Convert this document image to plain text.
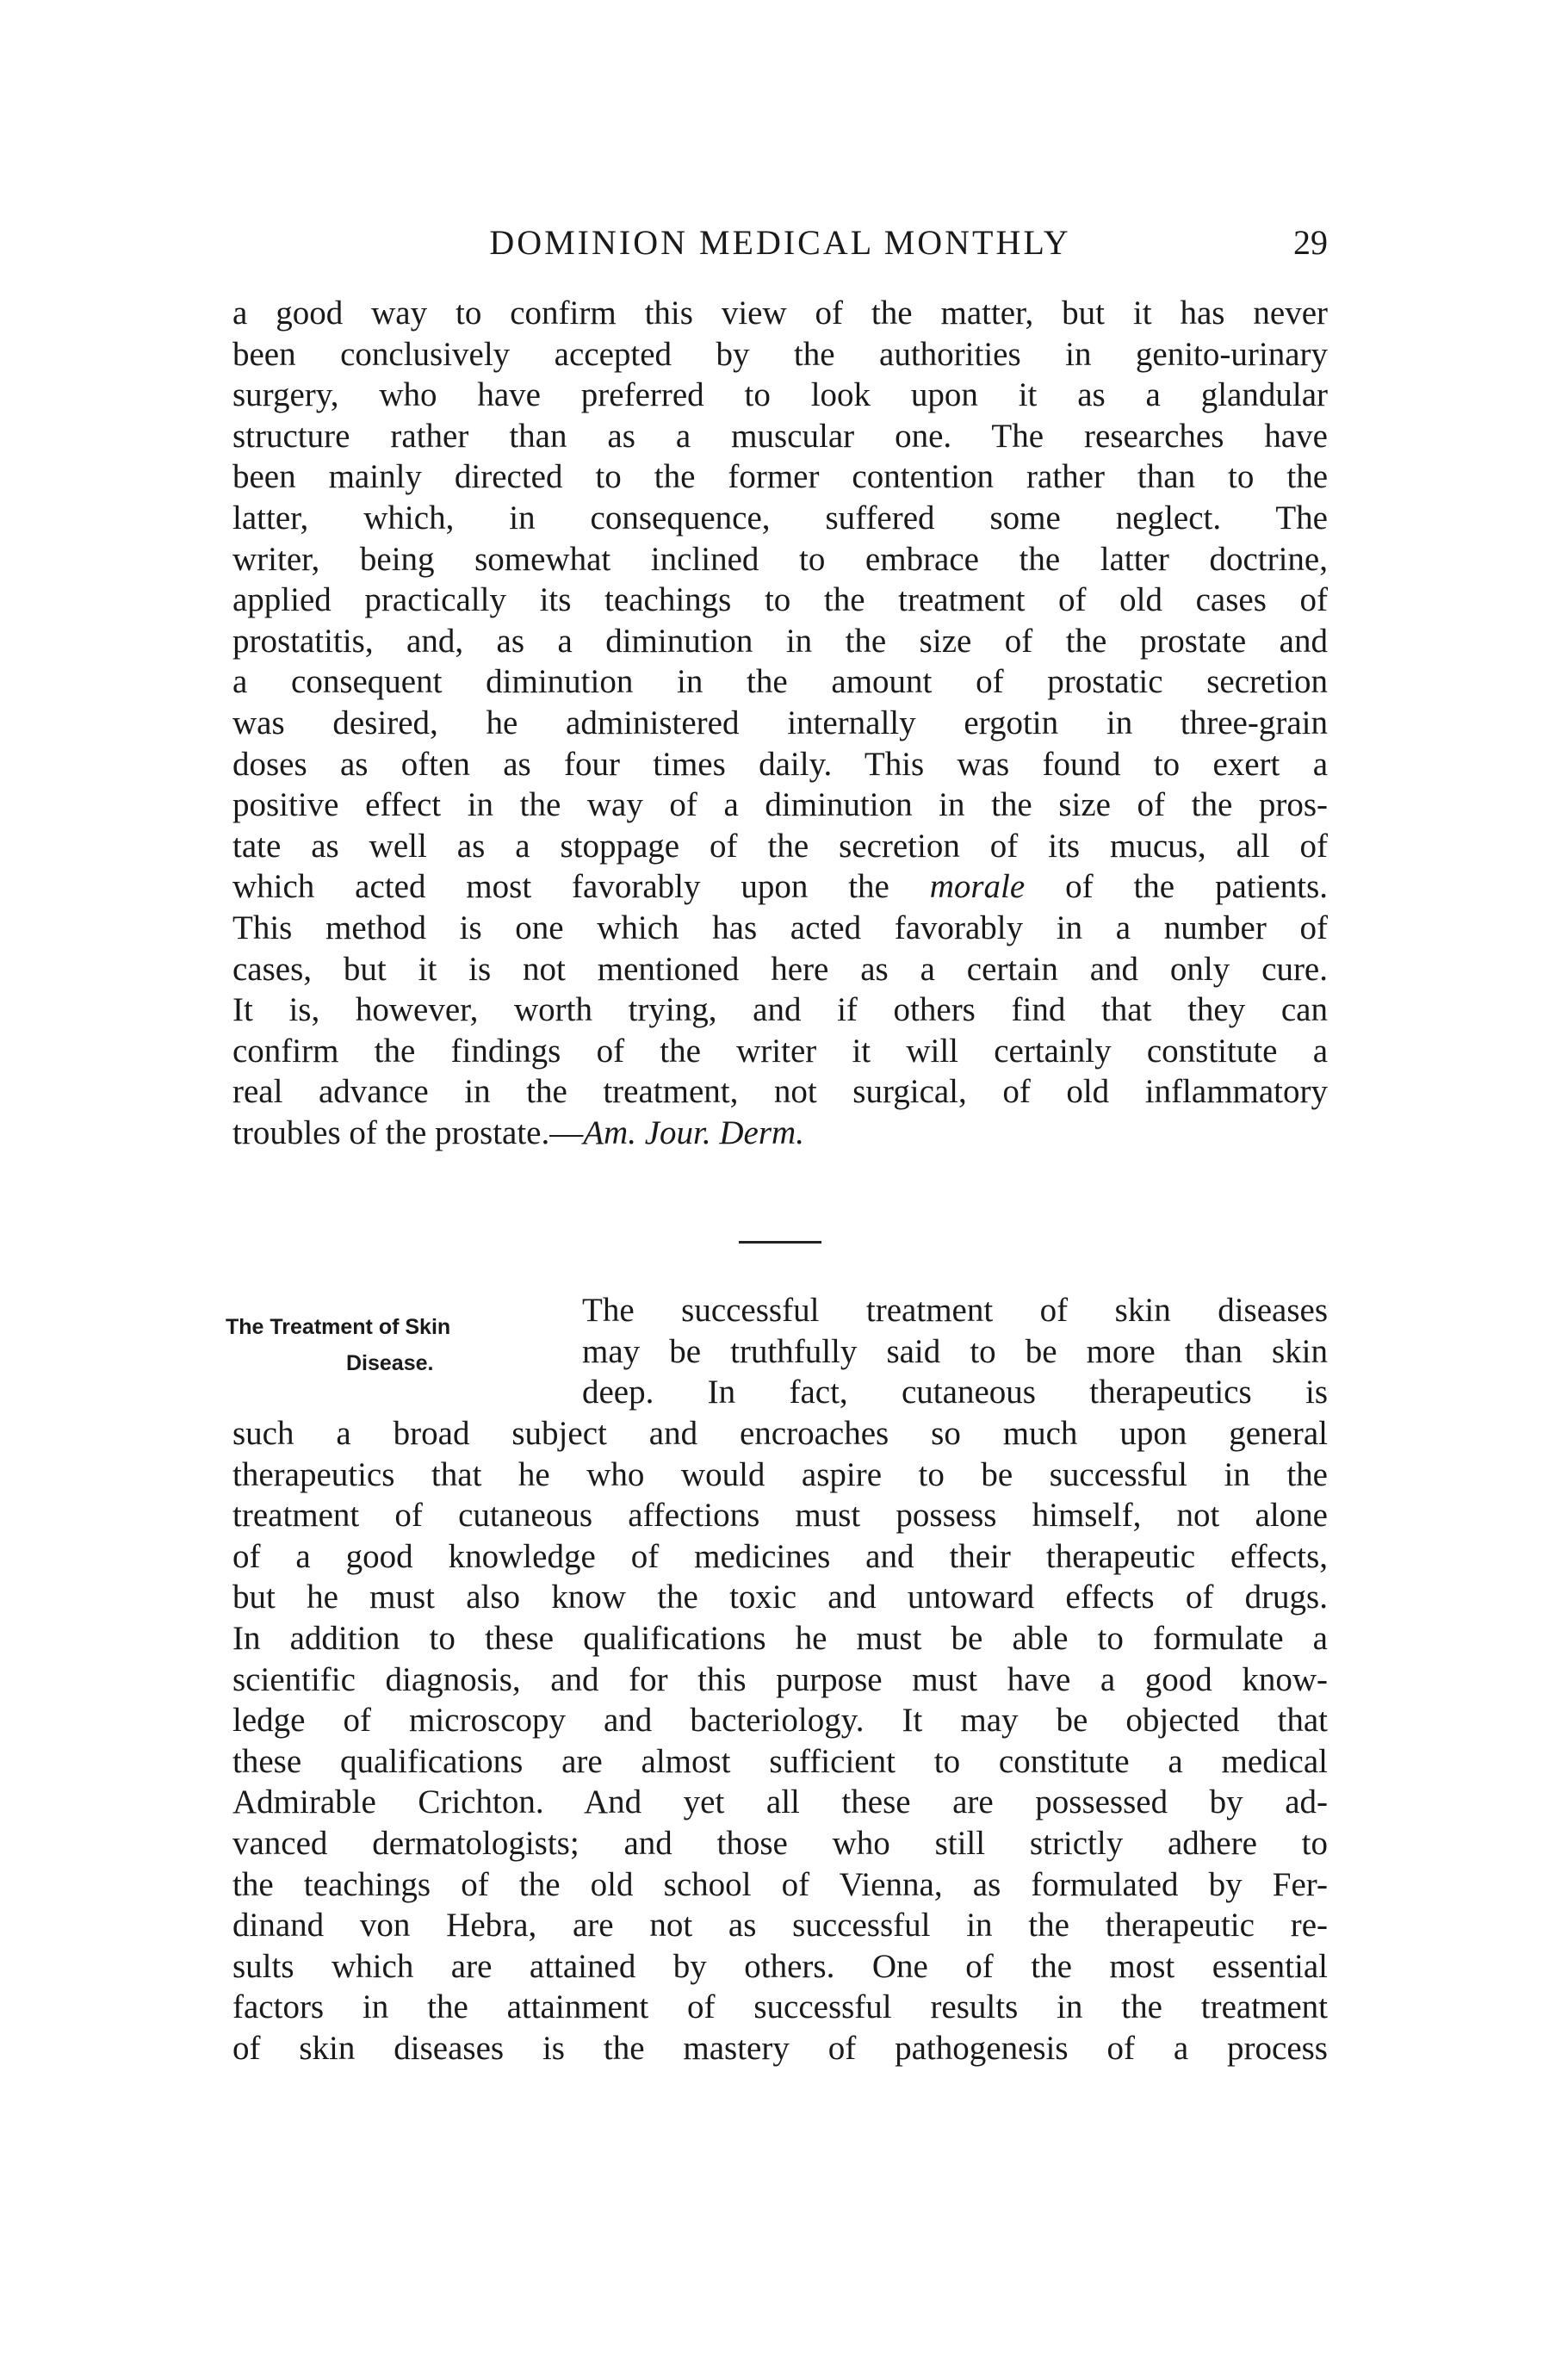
DOMINION MEDICAL MONTHLY	29
a good way to confirm this view of the matter, but it has never
been conclusively accepted by the authorities in genito-urinary
surgery, who have preferred to look upon it as a glandular
structure rather than as a muscular one. The researches have
been mainly directed to the former contention rather than to the
latter, which, in consequence, suffered some neglect. The
writer, being somewhat inclined to embrace the latter doctrine,
applied practically its teachings to the treatment of old cases of
prostatitis, and, as a diminution in the size of the prostate and
a consequent diminution in the amount of prostatic secretion
was desired, he administered internally ergotin in three-grain
doses as often as four times daily. This was found to exert a
positive effect in the way of a diminution in the size of the pros-
tate as well as a stoppage of the secretion of its mucus, all of
which acted most favorably upon the morale of the patients.
This method is one which has acted favorably in a number of
cases, but it is not mentioned here as a certain and only cure.
It is, however, worth trying, and if others find that they can
confirm the findings of the writer it will certainly constitute a
real advance in the treatment, not surgical, of old inflammatory
troubles of the prostate.—Am. Jour. Derm.
The Treatment of Skin
Disease.
The successful treatment of skin diseases
may be truthfully said to be more than skin
deep. In fact, cutaneous therapeutics is
such a broad subject and encroaches so much upon general
therapeutics that he who would aspire to be successful in the
treatment of cutaneous affections must possess himself, not alone
of a good knowledge of medicines and their therapeutic effects,
but he must also know the toxic and untoward effects of drugs.
In addition to these qualifications he must be able to formulate a
scientific diagnosis, and for this purpose must have a good know-
ledge of microscopy and bacteriology. It may be objected that
these qualifications are almost sufficient to constitute a medical
Admirable Crichton. And yet all these are possessed by ad-
vanced dermatologists; and those who still strictly adhere to
the teachings of the old school of Vienna, as formulated by Fer-
dinand von Hebra, are not as successful in the therapeutic re-
sults which are attained by others. One of the most essential
factors in the attainment of successful results in the treatment
of skin diseases is the mastery of pathogenesis of a process
